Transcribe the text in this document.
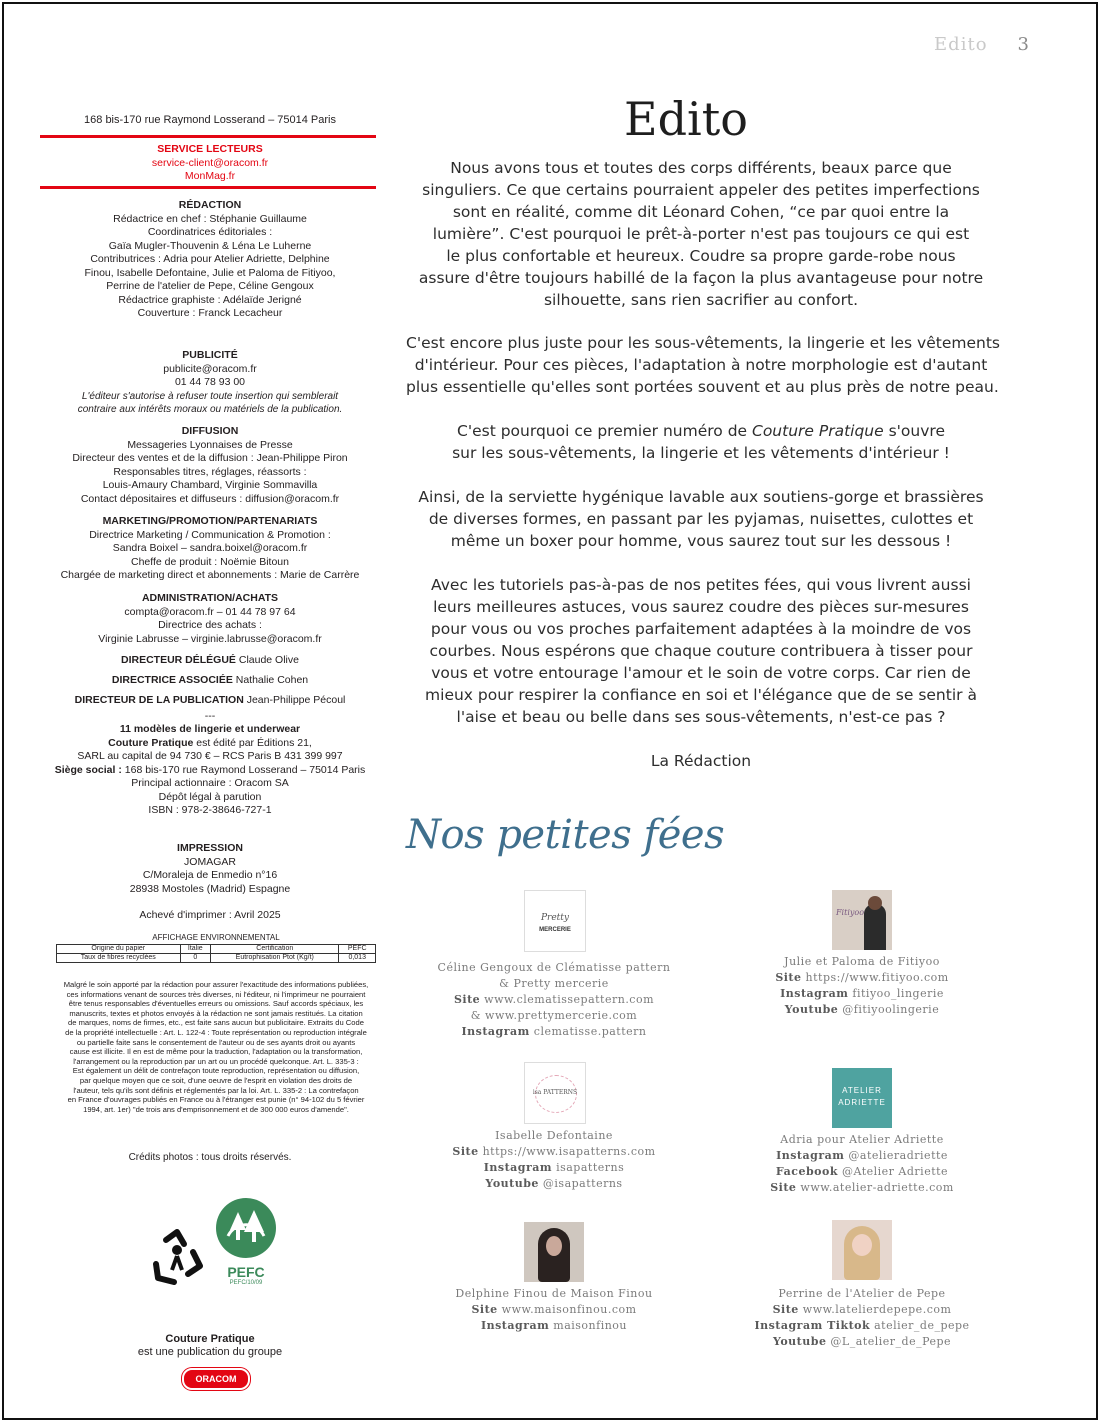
Edito 3
168 bis-170 rue Raymond Losserand – 75014 Paris
SERVICE LECTEURS
service-client@oracom.fr
MonMag.fr
RÉDACTION
Rédactrice en chef : Stéphanie Guillaume
Coordinatrices éditoriales :
Gaïa Mugler-Thouvenin & Léna Le Luherne
Contributrices : Adria pour Atelier Adriette, Delphine
Finou, Isabelle Defontaine, Julie et Paloma de Fitiyoo,
Perrine de l'atelier de Pepe, Céline Gengoux
Rédactrice graphiste : Adélaïde Jerigné
Couverture : Franck Lecacheur
PUBLICITÉ
publicite@oracom.fr
01 44 78 93 00
L'éditeur s'autorise à refuser toute insertion qui semblerait
contraire aux intérêts moraux ou matériels de la publication.
DIFFUSION
Messageries Lyonnaises de Presse
Directeur des ventes et de la diffusion : Jean-Philippe Piron
Responsables titres, réglages, réassorts :
Louis-Amaury Chambard, Virginie Sommavilla
Contact dépositaires et diffuseurs : diffusion@oracom.fr
MARKETING/PROMOTION/PARTENARIATS
Directrice Marketing / Communication & Promotion :
Sandra Boixel – sandra.boixel@oracom.fr
Cheffe de produit : Noëmie Bitoun
Chargée de marketing direct et abonnements : Marie de Carrère
ADMINISTRATION/ACHATS
compta@oracom.fr – 01 44 78 97 64
Directrice des achats :
Virginie Labrusse – virginie.labrusse@oracom.fr
DIRECTEUR DÉLÉGUÉ Claude Olive
DIRECTRICE ASSOCIÉE Nathalie Cohen
DIRECTEUR DE LA PUBLICATION Jean-Philippe Pécoul
---
11 modèles de lingerie et underwear
Couture Pratique est édité par Éditions 21,
SARL au capital de 94 730 € – RCS Paris B 431 399 997
Siège social : 168 bis-170 rue Raymond Losserand – 75014 Paris
Principal actionnaire : Oracom SA
Dépôt légal à parution
ISBN : 978-2-38646-727-1
IMPRESSION
JOMAGAR
C/Moraleja de Enmedio n°16
28938 Mostoles (Madrid) Espagne
Achevé d'imprimer : Avril 2025
AFFICHAGE ENVIRONNEMENTAL
Origine du papier	Italie	Certification	PEFC
Taux de fibres recyclées	0	Eutrophisation Ptot (Kg/t)	0,013
Malgré le soin apporté par la rédaction pour assurer l'exactitude des informations publiées,
ces informations venant de sources très diverses, ni l'éditeur, ni l'imprimeur ne pourraient
être tenus responsables d'éventuelles erreurs ou omissions. Sauf accords spéciaux, les
manuscrits, textes et photos envoyés à la rédaction ne sont jamais restitués. La citation
de marques, noms de firmes, etc., est faite sans aucun but publicitaire. Extraits du Code
de la propriété intellectuelle : Art. L. 122-4 : Toute représentation ou reproduction intégrale
ou partielle faite sans le consentement de l'auteur ou de ses ayants droit ou ayants
cause est illicite. Il en est de même pour la traduction, l'adaptation ou la transformation,
l'arrangement ou la reproduction par un art ou un procédé quelconque. Art. L. 335-3 :
Est également un délit de contrefaçon toute reproduction, représentation ou diffusion,
par quelque moyen que ce soit, d'une oeuvre de l'esprit en violation des droits de
l'auteur, tels qu'ils sont définis et réglementés par la loi. Art. L. 335-2 : La contrefaçon
en France d'ouvrages publiés en France ou à l'étranger est punie (n° 94-102 du 5 février
1994, art. 1er) "de trois ans d'emprisonnement et de 300 000 euros d'amende".
Crédits photos : tous droits réservés.
PEFC
PEFC/10/09
Couture Pratique
est une publication du groupe
ORACOM
Edito
Nous avons tous et toutes des corps différents, beaux parce que
singuliers. Ce que certains pourraient appeler des petites imperfections
sont en réalité, comme dit Léonard Cohen, “ce par quoi entre la
lumière”. C'est pourquoi le prêt-à-porter n'est pas toujours ce qui est
le plus confortable et heureux. Coudre sa propre garde-robe nous
assure d'être toujours habillé de la façon la plus avantageuse pour notre
silhouette, sans rien sacrifier au confort.
C'est encore plus juste pour les sous-vêtements, la lingerie et les vêtements
d'intérieur. Pour ces pièces, l'adaptation à notre morphologie est d'autant
plus essentielle qu'elles sont portées souvent et au plus près de notre peau.
C'est pourquoi ce premier numéro de Couture Pratique s'ouvre
sur les sous-vêtements, la lingerie et les vêtements d'intérieur !
Ainsi, de la serviette hygénique lavable aux soutiens-gorge et brassières
de diverses formes, en passant par les pyjamas, nuisettes, culottes et
même un boxer pour homme, vous saurez tout sur les dessous !
Avec les tutoriels pas-à-pas de nos petites fées, qui vous livrent aussi
leurs meilleures astuces, vous saurez coudre des pièces sur-mesures
pour vous ou vos proches parfaitement adaptées à la moindre de vos
courbes. Nous espérons que chaque couture contribuera à tisser pour
vous et votre entourage l'amour et le soin de votre corps. Car rien de
mieux pour respirer la confiance en soi et l'élégance que de se sentir à
l'aise et beau ou belle dans ses sous-vêtements, n'est-ce pas ?
La Rédaction
Nos petites fées
Pretty
MERCERIE
Céline Gengoux de Clématisse pattern
& Pretty mercerie
Site www.clematissepattern.com
& www.prettymercerie.com
Instagram clematisse.pattern
Fitiyoo
Julie et Paloma de Fitiyoo
Site https://www.fitiyoo.com
Instagram fitiyoo_lingerie
Youtube @fitiyoolingerie
isa PATTERNS
Isabelle Defontaine
Site https://www.isapatterns.com
Instagram isapatterns
Youtube @isapatterns
ATELIER
ADRIETTE
Adria pour Atelier Adriette
Instagram @atelieradriette
Facebook @Atelier Adriette
Site www.atelier-adriette.com
Delphine Finou de Maison Finou
Site www.maisonfinou.com
Instagram maisonfinou
Perrine de l'Atelier de Pepe
Site www.latelierdepepe.com
Instagram Tiktok atelier_de_pepe
Youtube @L_atelier_de_Pepe
